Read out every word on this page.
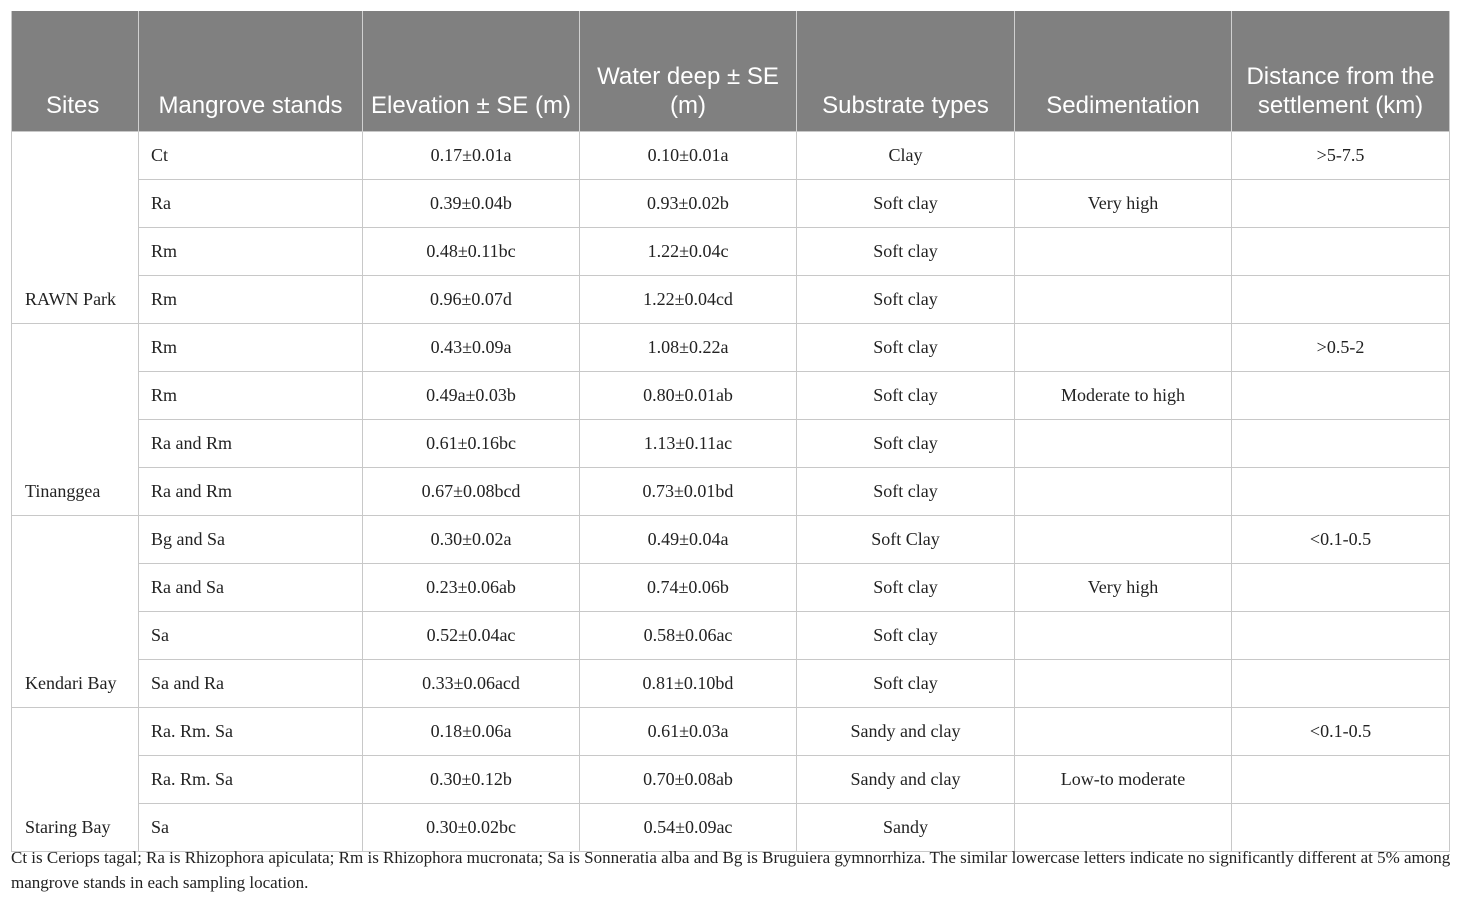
Sites	Mangrove stands	Elevation ± SE (m)	Water deep ± SE (m)	Substrate types	Sedimentation	Distance from the settlement (km)
RAWN Park	Ct	0.17±0.01a	0.10±0.01a	Clay		>5-7.5
	Ra	0.39±0.04b	0.93±0.02b	Soft clay	Very high	
	Rm	0.48±0.11bc	1.22±0.04c	Soft clay		
	Rm	0.96±0.07d	1.22±0.04cd	Soft clay		
Tinanggea	Rm	0.43±0.09a	1.08±0.22a	Soft clay		>0.5-2
	Rm	0.49a±0.03b	0.80±0.01ab	Soft clay	Moderate to high	
	Ra and Rm	0.61±0.16bc	1.13±0.11ac	Soft clay		
	Ra and Rm	0.67±0.08bcd	0.73±0.01bd	Soft clay		
Kendari Bay	Bg and Sa	0.30±0.02a	0.49±0.04a	Soft Clay		<0.1-0.5
	Ra and Sa	0.23±0.06ab	0.74±0.06b	Soft clay	Very high	
	Sa	0.52±0.04ac	0.58±0.06ac	Soft clay		
	Sa and Ra	0.33±0.06acd	0.81±0.10bd	Soft clay		
Staring Bay	Ra. Rm. Sa	0.18±0.06a	0.61±0.03a	Sandy and clay		<0.1-0.5
	Ra. Rm. Sa	0.30±0.12b	0.70±0.08ab	Sandy and clay	Low-to moderate	
	Sa	0.30±0.02bc	0.54±0.09ac	Sandy		
Ct is Ceriops tagal; Ra is Rhizophora apiculata; Rm is Rhizophora mucronata; Sa is Sonneratia alba and Bg is Bruguiera gymnorrhiza. The similar lowercase letters indicate no significantly different at 5% among mangrove stands in each sampling location.
